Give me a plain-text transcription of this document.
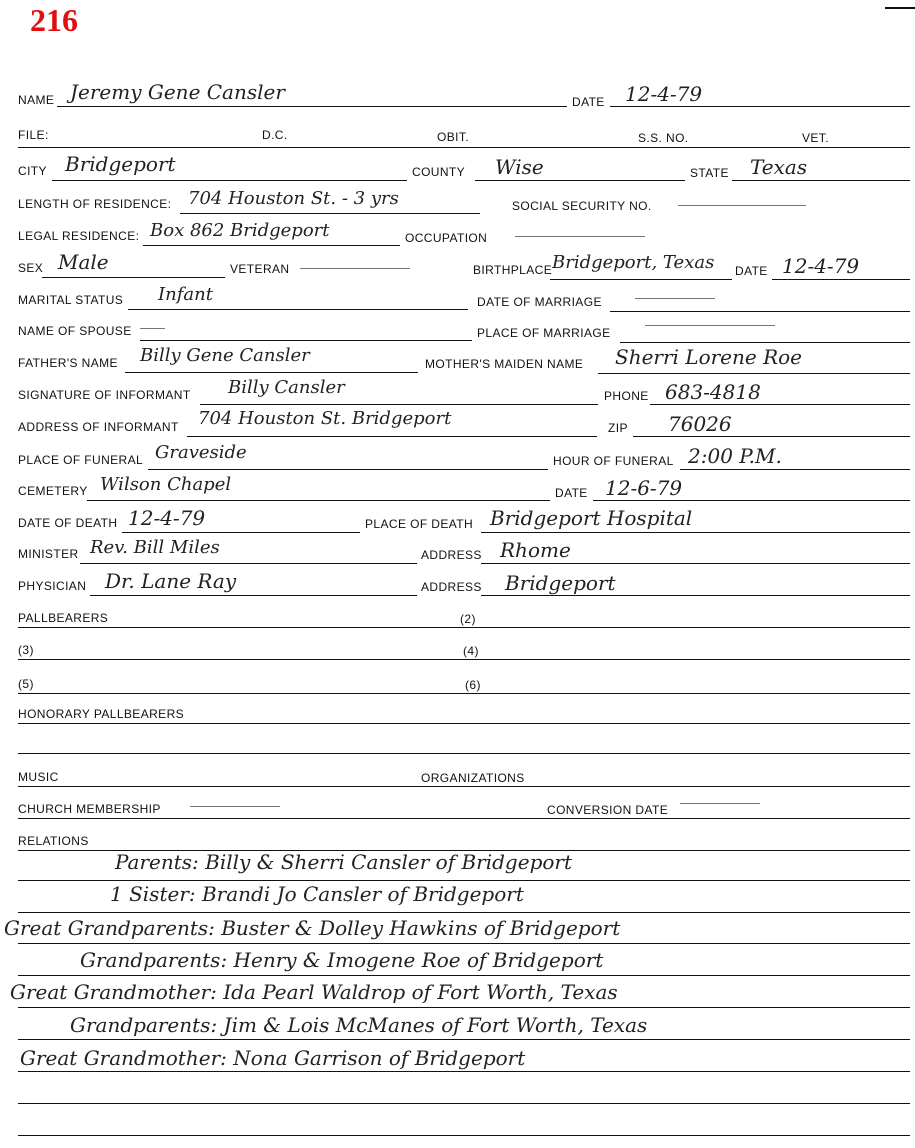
216
NAME Jeremy Gene Cansler	DATE 12-4-79
FILE:	D.C.	OBIT.	S.S. NO.	VET.
CITY Bridgeport	COUNTY Wise	STATE Texas
LENGTH OF RESIDENCE: 704 Houston St. - 3 yrs	SOCIAL SECURITY NO.
LEGAL RESIDENCE: Box 862 Bridgeport	OCCUPATION
SEX Male	VETERAN	BIRTHPLACE Bridgeport, Texas DATE 12-4-79
MARITAL STATUS Infant	DATE OF MARRIAGE
NAME OF SPOUSE	PLACE OF MARRIAGE
FATHER'S NAME Billy Gene Cansler	MOTHER'S MAIDEN NAME Sherri Lorene Roe
SIGNATURE OF INFORMANT Billy Cansler	PHONE 683-4818
ADDRESS OF INFORMANT 704 Houston St. Bridgeport	ZIP 76026
PLACE OF FUNERAL Graveside	HOUR OF FUNERAL 2:00 P.M.
CEMETERY Wilson Chapel	DATE 12-6-79
DATE OF DEATH 12-4-79	PLACE OF DEATH Bridgeport Hospital
MINISTER Rev. Bill Miles	ADDRESS Rhome
PHYSICIAN Dr. Lane Ray	ADDRESS Bridgeport
PALLBEARERS	(2)
(3)	(4)
(5)	(6)
HONORARY PALLBEARERS
MUSIC	ORGANIZATIONS
CHURCH MEMBERSHIP	CONVERSION DATE
RELATIONS
Parents: Billy & Sherri Cansler of Bridgeport
1 Sister: Brandi Jo Cansler of Bridgeport
Great Grandparents: Buster & Dolley Hawkins of Bridgeport
Grandparents: Henry & Imogene Roe of Bridgeport
Great Grandmother: Ida Pearl Waldrop of Fort Worth, Texas
Grandparents: Jim & Lois McManes of Fort Worth, Texas
Great Grandmother: Nona Garrison of Bridgeport
